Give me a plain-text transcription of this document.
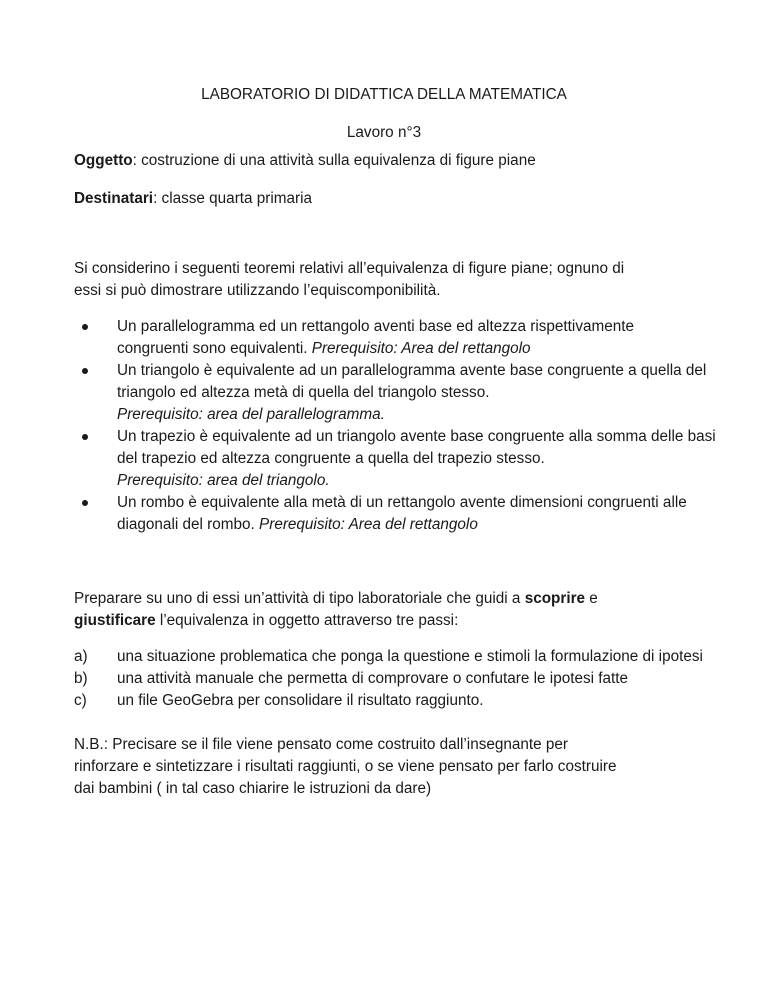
LABORATORIO DI DIDATTICA DELLA MATEMATICA
Lavoro n°3
Oggetto: costruzione di una attività sulla equivalenza di figure piane
Destinatari: classe quarta primaria
Si considerino i seguenti teoremi relativi all’equivalenza di figure piane; ognuno di
essi si può dimostrare utilizzando l’equiscomponibilità.
Un parallelogramma ed un rettangolo aventi base ed altezza rispettivamente congruenti sono equivalenti. Prerequisito: Area del rettangolo
Un triangolo è equivalente ad un parallelogramma avente base congruente a quella del triangolo ed altezza metà di quella del triangolo stesso.
Prerequisito: area del parallelogramma.
Un trapezio è equivalente ad un triangolo avente base congruente alla somma delle basi del trapezio ed altezza congruente a quella del trapezio stesso.
Prerequisito: area del triangolo.
Un rombo è equivalente alla metà di un rettangolo avente dimensioni congruenti alle diagonali del rombo. Prerequisito: Area del rettangolo
Preparare su uno di essi un’attività di tipo laboratoriale che guidi a scoprire e
giustificare l’equivalenza in oggetto attraverso tre passi:
a) una situazione problematica che ponga la questione e stimoli la formulazione di ipotesi
b) una attività manuale che permetta di comprovare o confutare le ipotesi fatte
c) un file GeoGebra per consolidare il risultato raggiunto.
N.B.: Precisare se il file viene pensato come costruito dall’insegnante per
rinforzare e sintetizzare i risultati raggiunti, o se viene pensato per farlo costruire
dai bambini ( in tal caso chiarire le istruzioni da dare)
